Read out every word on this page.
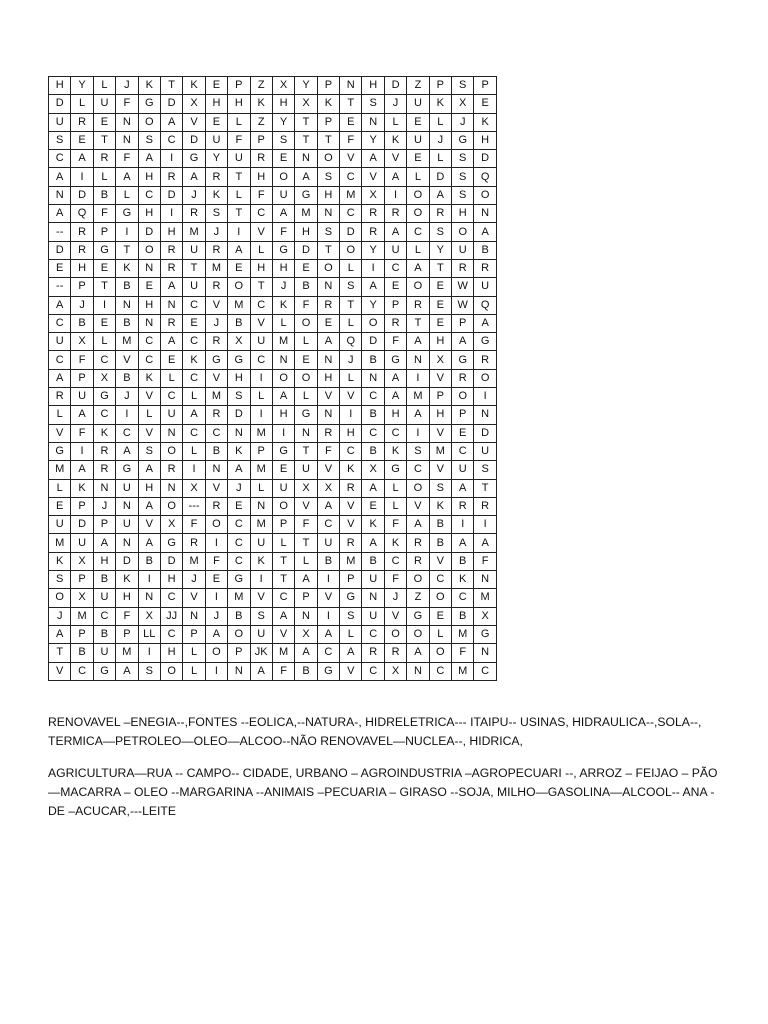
H	Y	L	J	K	T	K	E	P	Z	X	Y	P	N	H	D	Z	P	S	P
D	L	U	F	G	D	X	H	H	K	H	X	K	T	S	J	U	K	X	E
U	R	E	N	O	A	V	E	L	Z	Y	T	P	E	N	L	E	L	J	K
S	E	T	N	S	C	D	U	F	P	S	T	T	F	Y	K	U	J	G	H
C	A	R	F	A	I	G	Y	U	R	E	N	O	V	A	V	E	L	S	D
A	I	L	A	H	R	A	R	T	H	O	A	S	C	V	A	L	D	S	Q
N	D	B	L	C	D	J	K	L	F	U	G	H	M	X	I	O	A	S	O
A	Q	F	G	H	I	R	S	T	C	A	M	N	C	R	R	O	R	H	N
--	R	P	I	D	H	M	J	I	V	F	H	S	D	R	A	C	S	O	A
D	R	G	T	O	R	U	R	A	L	G	D	T	O	Y	U	L	Y	U	B
E	H	E	K	N	R	T	M	E	H	H	E	O	L	I	C	A	T	R	R
--	P	T	B	E	A	U	R	O	T	J	B	N	S	A	E	O	E	W	U
A	J	I	N	H	N	C	V	M	C	K	F	R	T	Y	P	R	E	W	Q
C	B	E	B	N	R	E	J	B	V	L	O	E	L	O	R	T	E	P	A
U	X	L	M	C	A	C	R	X	U	M	L	A	Q	D	F	A	H	A	G
C	F	C	V	C	E	K	G	G	C	N	E	N	J	B	G	N	X	G	R
A	P	X	B	K	L	C	V	H	I	O	O	H	L	N	A	I	V	R	O
R	U	G	J	V	C	L	M	S	L	A	L	V	V	C	A	M	P	O	I
L	A	C	I	L	U	A	R	D	I	H	G	N	I	B	H	A	H	P	N
V	F	K	C	V	N	C	C	N	M	I	N	R	H	C	C	I	V	E	D
G	I	R	A	S	O	L	B	K	P	G	T	F	C	B	K	S	M	C	U
M	A	R	G	A	R	I	N	A	M	E	U	V	K	X	G	C	V	U	S
L	K	N	U	H	N	X	V	J	L	U	X	X	R	A	L	O	S	A	T
E	P	J	N	A	O	---	R	E	N	O	V	A	V	E	L	V	K	R	R
U	D	P	U	V	X	F	O	C	M	P	F	C	V	K	F	A	B	I	I
M	U	A	N	A	G	R	I	C	U	L	T	U	R	A	K	R	B	A	A
K	X	H	D	B	D	M	F	C	K	T	L	B	M	B	C	R	V	B	F
S	P	B	K	I	H	J	E	G	I	T	A	I	P	U	F	O	C	K	N
O	X	U	H	N	C	V	I	M	V	C	P	V	G	N	J	Z	O	C	M
J	M	C	F	X	JJ	N	J	B	S	A	N	I	S	U	V	G	E	B	X
A	P	B	P	LL	C	P	A	O	U	V	X	A	L	C	O	O	L	M	G
T	B	U	M	I	H	L	O	P	JK	M	A	C	A	R	R	A	O	F	N
V	C	G	A	S	O	L	I	N	A	F	B	G	V	C	X	N	C	M	C

RENOVAVEL –ENEGIA--,FONTES --EOLICA,--NATURA-, HIDRELETRICA--- ITAIPU-- USINAS, HIDRAULICA--,SOLA--, TERMICA—PETROLEO—OLEO—ALCOO--NÃO RENOVAVEL—NUCLEA--, HIDRICA,

AGRICULTURA—RUA -- CAMPO-- CIDADE, URBANO – AGROINDUSTRIA –AGROPECUARI --, ARROZ – FEIJAO – PÃO—MACARRA – OLEO --MARGARINA --ANIMAIS –PECUARIA – GIRASO --SOJA, MILHO—GASOLINA—ALCOOL-- ANA -DE –ACUCAR,---LEITE
